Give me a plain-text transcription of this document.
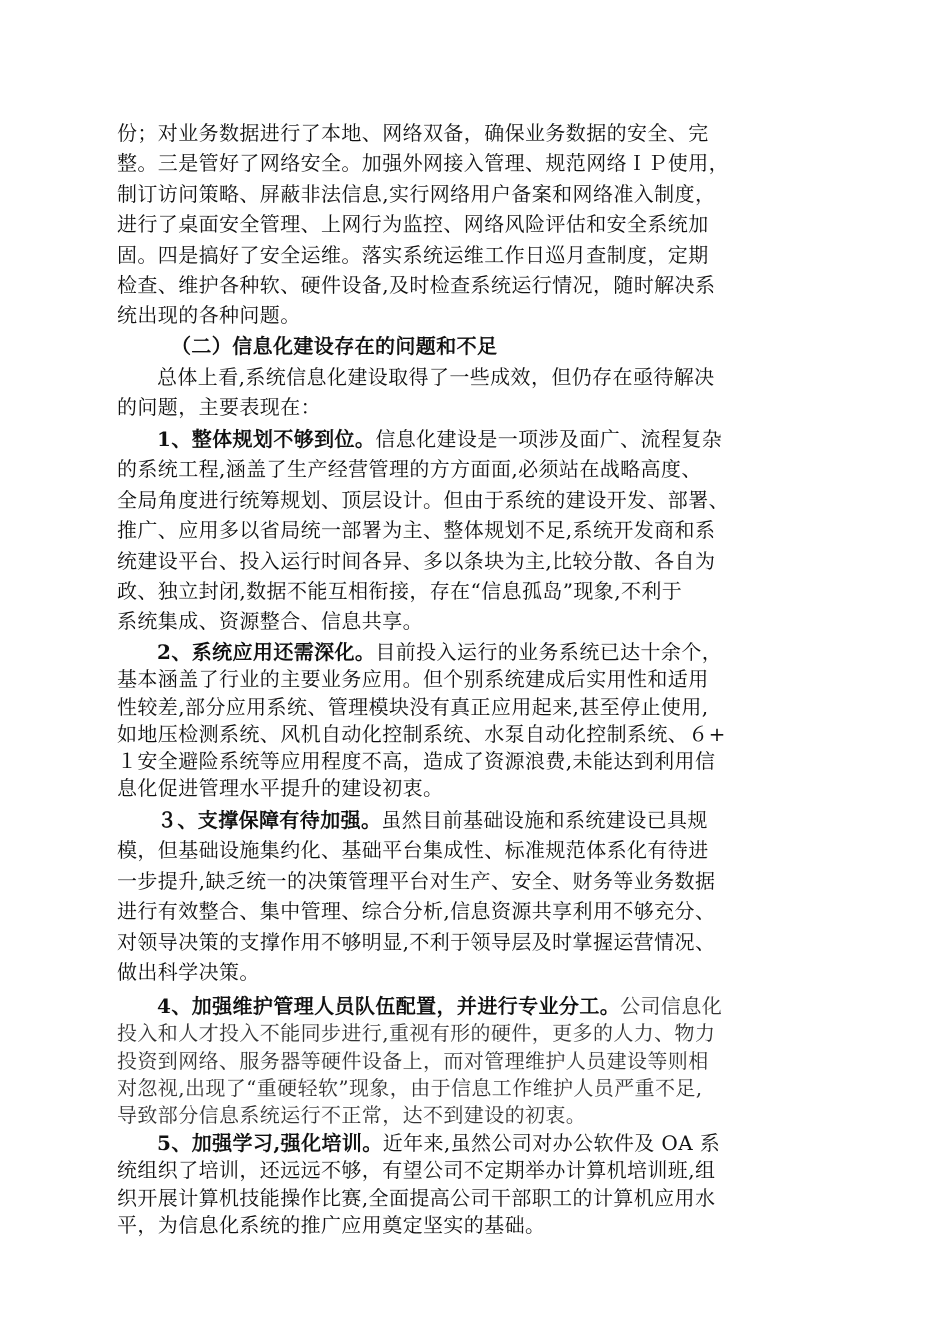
份；对业务数据进行了本地、网络双备，确保业务数据的安全、完
整。三是管好了网络安全。加强外网接入管理、规范网络ＩＰ使用，
制订访问策略、屏蔽非法信息,实行网络用户备案和网络准入制度，
进行了桌面安全管理、上网行为监控、网络风险评估和安全系统加
固。四是搞好了安全运维。落实系统运维工作日巡月查制度，定期
检查、维护各种软、硬件设备,及时检查系统运行情况，随时解决系
统出现的各种问题。
（二）信息化建设存在的问题和不足
总体上看,系统信息化建设取得了一些成效，但仍存在亟待解决
的问题，主要表现在：
1、整体规划不够到位。信息化建设是一项涉及面广、流程复杂
的系统工程,涵盖了生产经营管理的方方面面,必须站在战略高度、
全局角度进行统筹规划、顶层设计。但由于系统的建设开发、部署、
推广、应用多以省局统一部署为主、整体规划不足,系统开发商和系
统建设平台、投入运行时间各异、多以条块为主,比较分散、各自为
政、独立封闭,数据不能互相衔接，存在“信息孤岛”现象,不利于
系统集成、资源整合、信息共享。
2、系统应用还需深化。目前投入运行的业务系统已达十余个，
基本涵盖了行业的主要业务应用。但个别系统建成后实用性和适用
性较差,部分应用系统、管理模块没有真正应用起来,甚至停止使用,
如地压检测系统、风机自动化控制系统、水泵自动化控制系统、６+
１安全避险系统等应用程度不高，造成了资源浪费,未能达到利用信
息化促进管理水平提升的建设初衷。
３、支撑保障有待加强。虽然目前基础设施和系统建设已具规
模，但基础设施集约化、基础平台集成性、标准规范体系化有待进
一步提升,缺乏统一的决策管理平台对生产、安全、财务等业务数据
进行有效整合、集中管理、综合分析,信息资源共享利用不够充分、
对领导决策的支撑作用不够明显,不利于领导层及时掌握运营情况、
做出科学决策。
4、加强维护管理人员队伍配置，并进行专业分工。公司信息化
投入和人才投入不能同步进行,重视有形的硬件，更多的人力、物力
投资到网络、服务器等硬件设备上，而对管理维护人员建设等则相
对忽视,出现了“重硬轻软”现象，由于信息工作维护人员严重不足,
导致部分信息系统运行不正常，达不到建设的初衷。
5、加强学习,强化培训。近年来,虽然公司对办公软件及 OA 系
统组织了培训，还远远不够，有望公司不定期举办计算机培训班,组
织开展计算机技能操作比赛,全面提高公司干部职工的计算机应用水
平，为信息化系统的推广应用奠定坚实的基础。
